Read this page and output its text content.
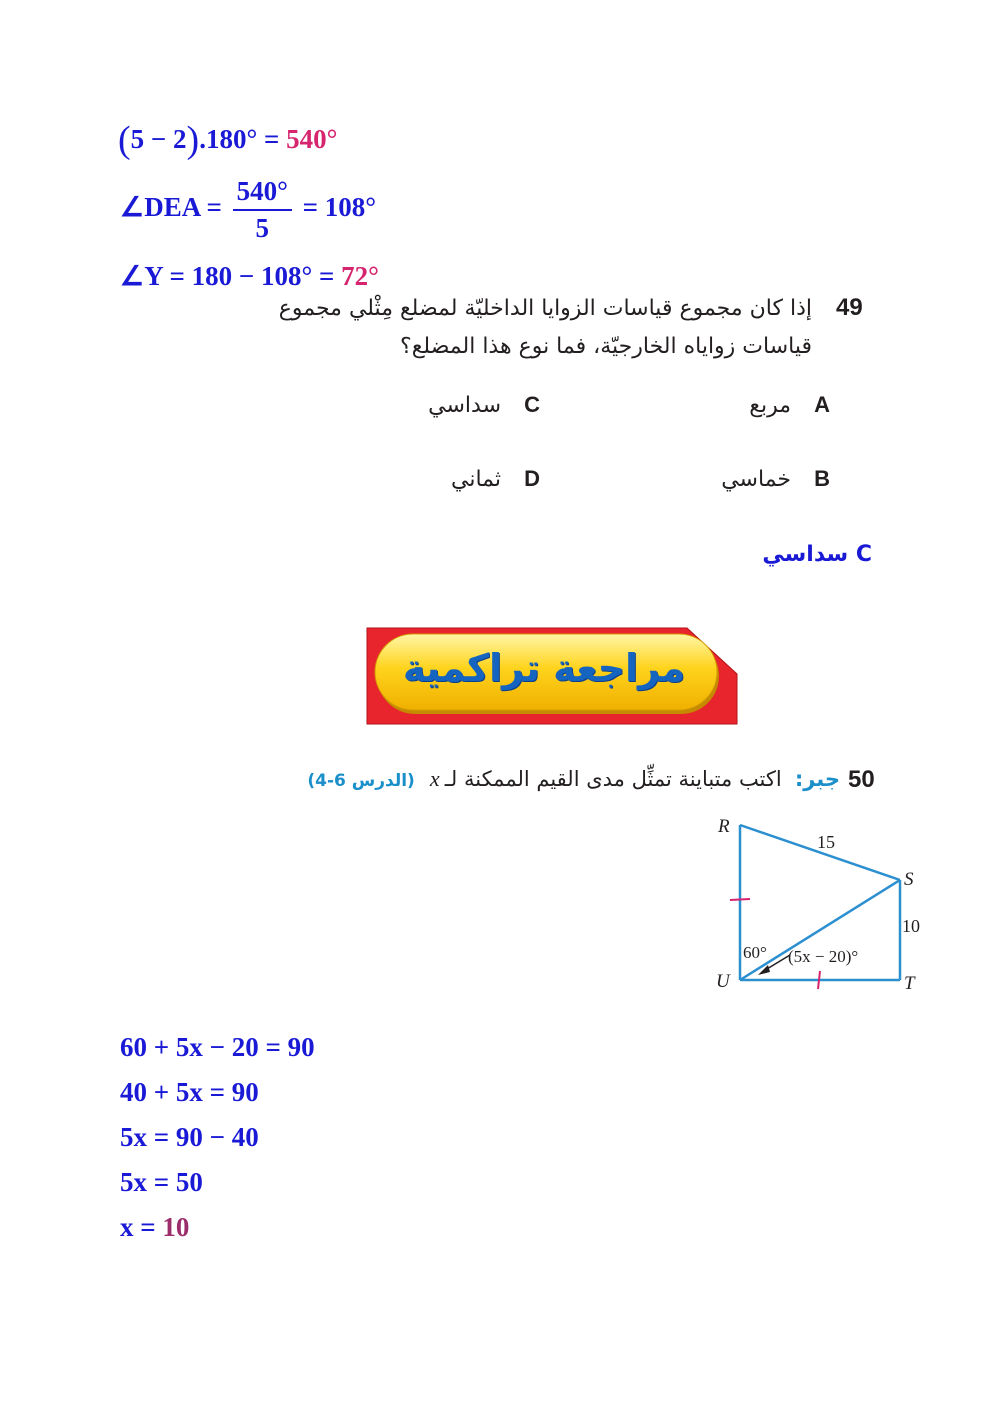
(5 − 2).180° = 540°
∠DEA = $\frac{540^\circ}{5} = 108^\circ$
∠Y = 180 − 108° = 72°
49
إذا كان مجموع قياسات الزوايا الداخليّة لمضلع مِثْلي مجموع
قياسات زواياه الخارجيّة، فما نوع هذا المضلع؟
مربع A
خماسي B
سداسي C
ثماني D
C سداسي
مراجعة تراكمية
50
جبر: اكتب متباينة تمثِّل مدى القيم الممكنة لـ x (الدرس 6-4)
R
S
T
U
15
10
60° (5x − 20)°
60 + 5x − 20 = 90
40 + 5x = 90
5x = 90 − 40
5x = 50
x = 10
